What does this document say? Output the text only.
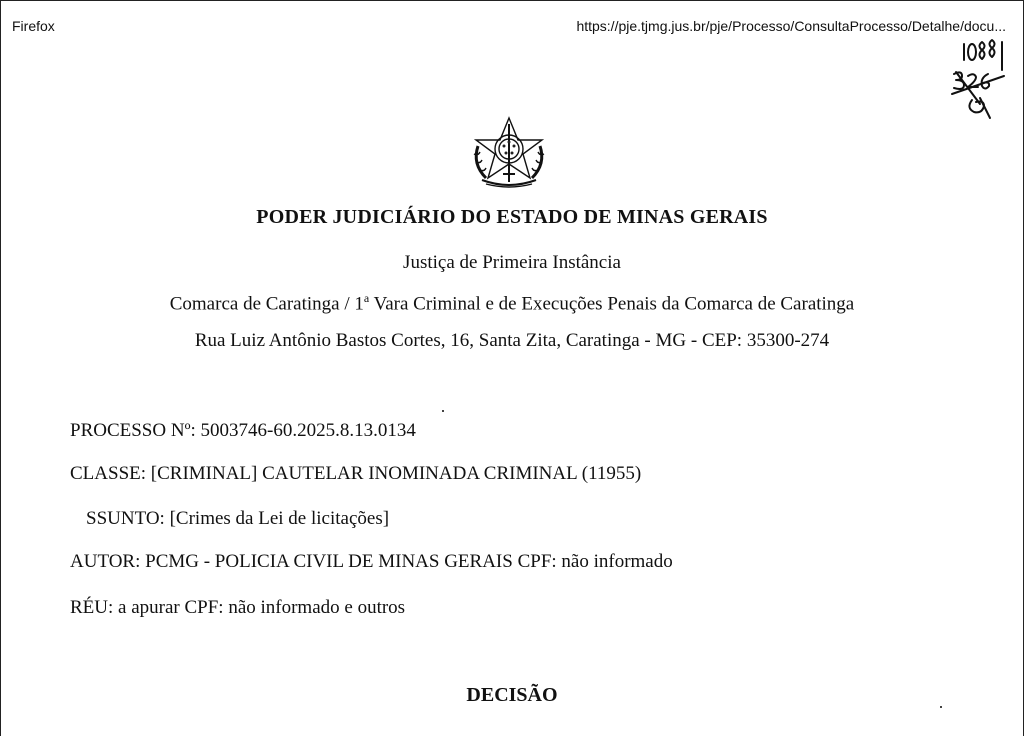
Firefox	https://pje.tjmg.jus.br/pje/Processo/ConsultaProcesso/Detalhe/docu...
PODER JUDICIÁRIO DO ESTADO DE MINAS GERAIS
Justiça de Primeira Instância
Comarca de Caratinga / 1$^a$ Vara Criminal e de Execuções Penais da Comarca de Caratinga
Rua Luiz Antônio Bastos Cortes, 16, Santa Zita, Caratinga - MG - CEP: 35300-274
PROCESSO Nº: 5003746-60.2025.8.13.0134
CLASSE: [CRIMINAL] CAUTELAR INOMINADA CRIMINAL (11955)
SSUNTO: [Crimes da Lei de licitações]
AUTOR: PCMG - POLICIA CIVIL DE MINAS GERAIS CPF: não informado
RÉU: a apurar CPF: não informado e outros
DECISÃO
